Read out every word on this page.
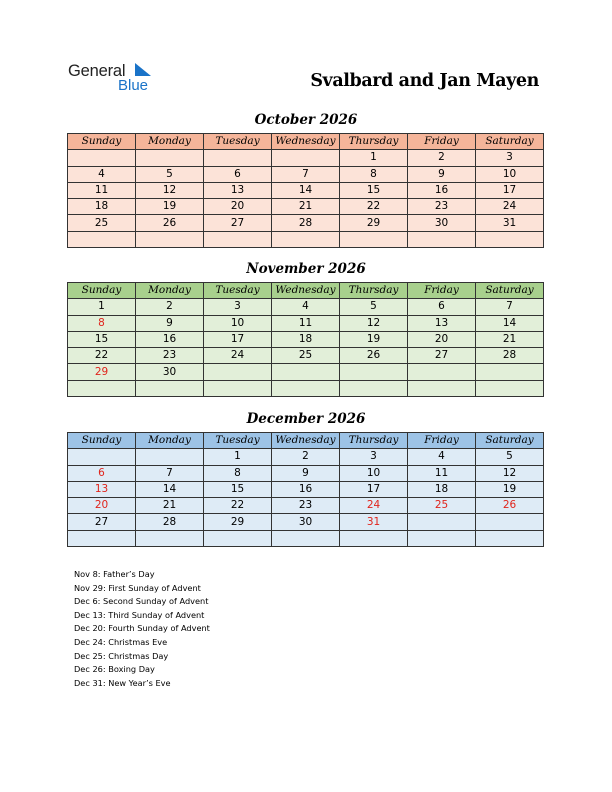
General
Blue	Svalbard and Jan Mayen
October 2026
Sunday	Monday	Tuesday	Wednesday	Thursday	Friday	Saturday
				1	2	3
4	5	6	7	8	9	10
11	12	13	14	15	16	17
18	19	20	21	22	23	24
25	26	27	28	29	30	31

November 2026
Sunday	Monday	Tuesday	Wednesday	Thursday	Friday	Saturday
1	2	3	4	5	6	7
8	9	10	11	12	13	14
15	16	17	18	19	20	21
22	23	24	25	26	27	28
29	30					

December 2026
Sunday	Monday	Tuesday	Wednesday	Thursday	Friday	Saturday
		1	2	3	4	5
6	7	8	9	10	11	12
13	14	15	16	17	18	19
20	21	22	23	24	25	26
27	28	29	30	31		

Nov 8: Father’s Day
Nov 29: First Sunday of Advent
Dec 6: Second Sunday of Advent
Dec 13: Third Sunday of Advent
Dec 20: Fourth Sunday of Advent
Dec 24: Christmas Eve
Dec 25: Christmas Day
Dec 26: Boxing Day
Dec 31: New Year’s Eve
